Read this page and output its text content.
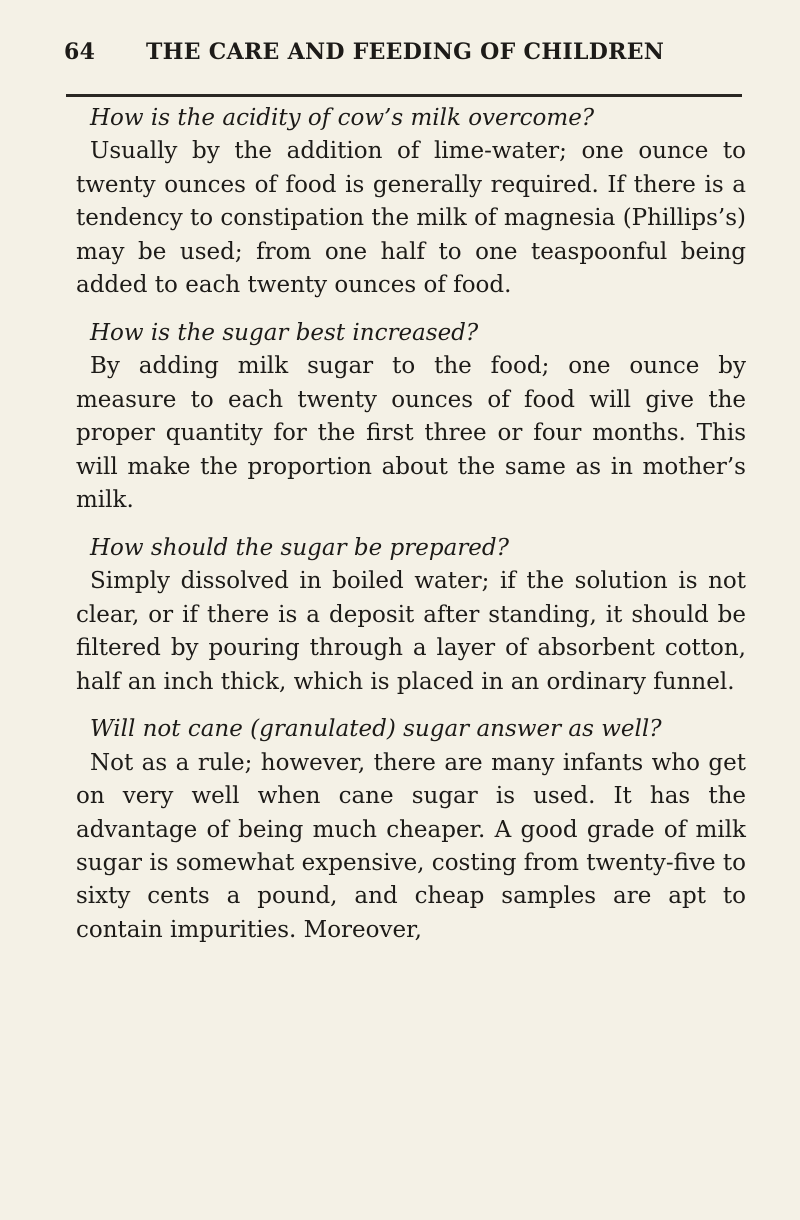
64 THE CARE AND FEEDING OF CHILDREN

How is the acidity of cow’s milk overcome?

Usually by the addition of lime-water; one ounce to twenty ounces of food is generally required. If there is a tendency to constipation the milk of magnesia (Phillips’s) may be used; from one half to one teaspoonful being added to each twenty ounces of food.

How is the sugar best increased?

By adding milk sugar to the food; one ounce by measure to each twenty ounces of food will give the proper quantity for the first three or four months. This will make the proportion about the same as in mother’s milk.

How should the sugar be prepared?

Simply dissolved in boiled water; if the solution is not clear, or if there is a deposit after standing, it should be filtered by pouring through a layer of absorbent cotton, half an inch thick, which is placed in an ordinary funnel.

Will not cane (granulated) sugar answer as well?

Not as a rule; however, there are many infants who get on very well when cane sugar is used. It has the advantage of being much cheaper. A good grade of milk sugar is somewhat expensive, costing from twenty-five to sixty cents a pound, and cheap samples are apt to contain impurities. Moreover,
